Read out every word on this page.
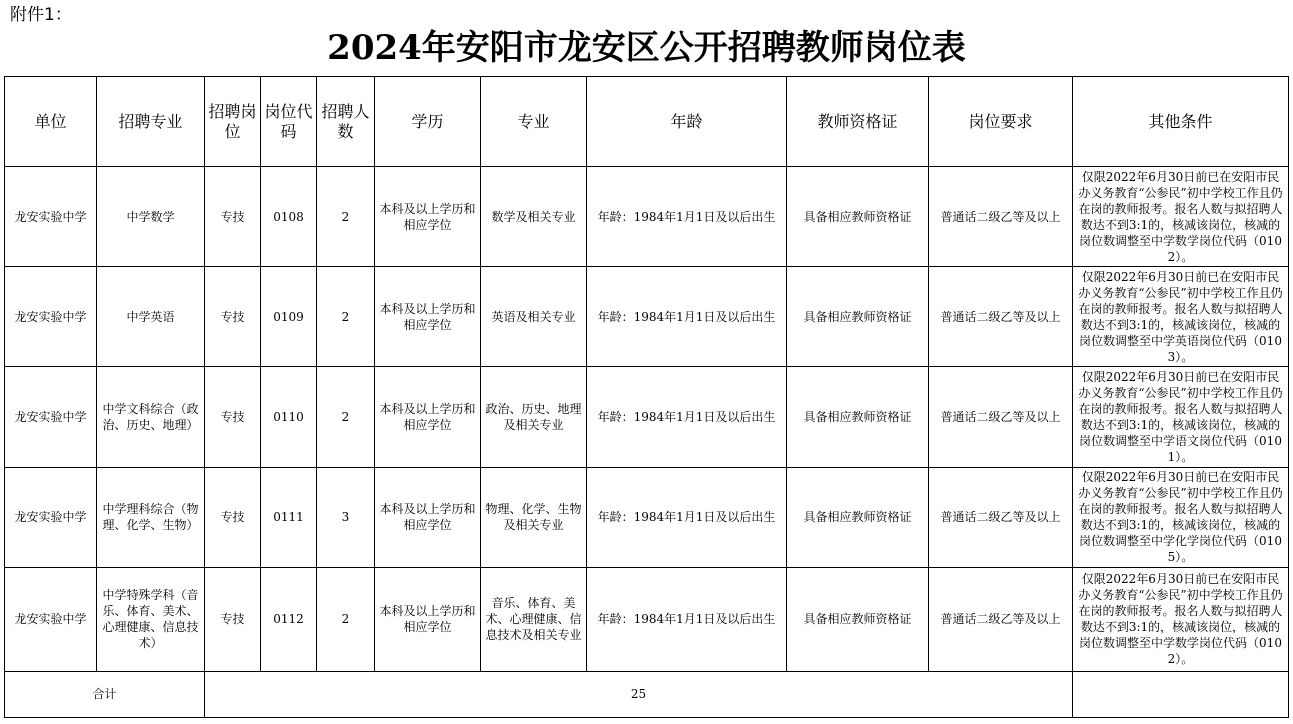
附件1：
2024年安阳市龙安区公开招聘教师岗位表
单位	招聘专业	招聘岗位	岗位代码	招聘人数	学历	专业	年龄	教师资格证	岗位要求	其他条件
龙安实验中学	中学数学	专技	0108	2	本科及以上学历和相应学位	数学及相关专业	年龄：1984年1月1日及以后出生	具备相应教师资格证	普通话二级乙等及以上	仅限2022年6月30日前已在安阳市民办义务教育“公参民”初中学校工作且仍在岗的教师报考。报名人数与拟招聘人数达不到3:1的，核减该岗位，核减的岗位数调整至中学数学岗位代码（0102）。
龙安实验中学	中学英语	专技	0109	2	本科及以上学历和相应学位	英语及相关专业	年龄：1984年1月1日及以后出生	具备相应教师资格证	普通话二级乙等及以上	仅限2022年6月30日前已在安阳市民办义务教育“公参民”初中学校工作且仍在岗的教师报考。报名人数与拟招聘人数达不到3:1的，核减该岗位，核减的岗位数调整至中学英语岗位代码（0103）。
龙安实验中学	中学文科综合（政治、历史、地理）	专技	0110	2	本科及以上学历和相应学位	政治、历史、地理及相关专业	年龄：1984年1月1日及以后出生	具备相应教师资格证	普通话二级乙等及以上	仅限2022年6月30日前已在安阳市民办义务教育“公参民”初中学校工作且仍在岗的教师报考。报名人数与拟招聘人数达不到3:1的，核减该岗位，核减的岗位数调整至中学语文岗位代码（0101）。
龙安实验中学	中学理科综合（物理、化学、生物）	专技	0111	3	本科及以上学历和相应学位	物理、化学、生物及相关专业	年龄：1984年1月1日及以后出生	具备相应教师资格证	普通话二级乙等及以上	仅限2022年6月30日前已在安阳市民办义务教育“公参民”初中学校工作且仍在岗的教师报考。报名人数与拟招聘人数达不到3:1的，核减该岗位，核减的岗位数调整至中学化学岗位代码（0105）。
龙安实验中学	中学特殊学科（音乐、体育、美术、心理健康、信息技术）	专技	0112	2	本科及以上学历和相应学位	音乐、体育、美术、心理健康、信息技术及相关专业	年龄：1984年1月1日及以后出生	具备相应教师资格证	普通话二级乙等及以上	仅限2022年6月30日前已在安阳市民办义务教育“公参民”初中学校工作且仍在岗的教师报考。报名人数与拟招聘人数达不到3:1的，核减该岗位，核减的岗位数调整至中学数学岗位代码（0102）。
合计		25								
